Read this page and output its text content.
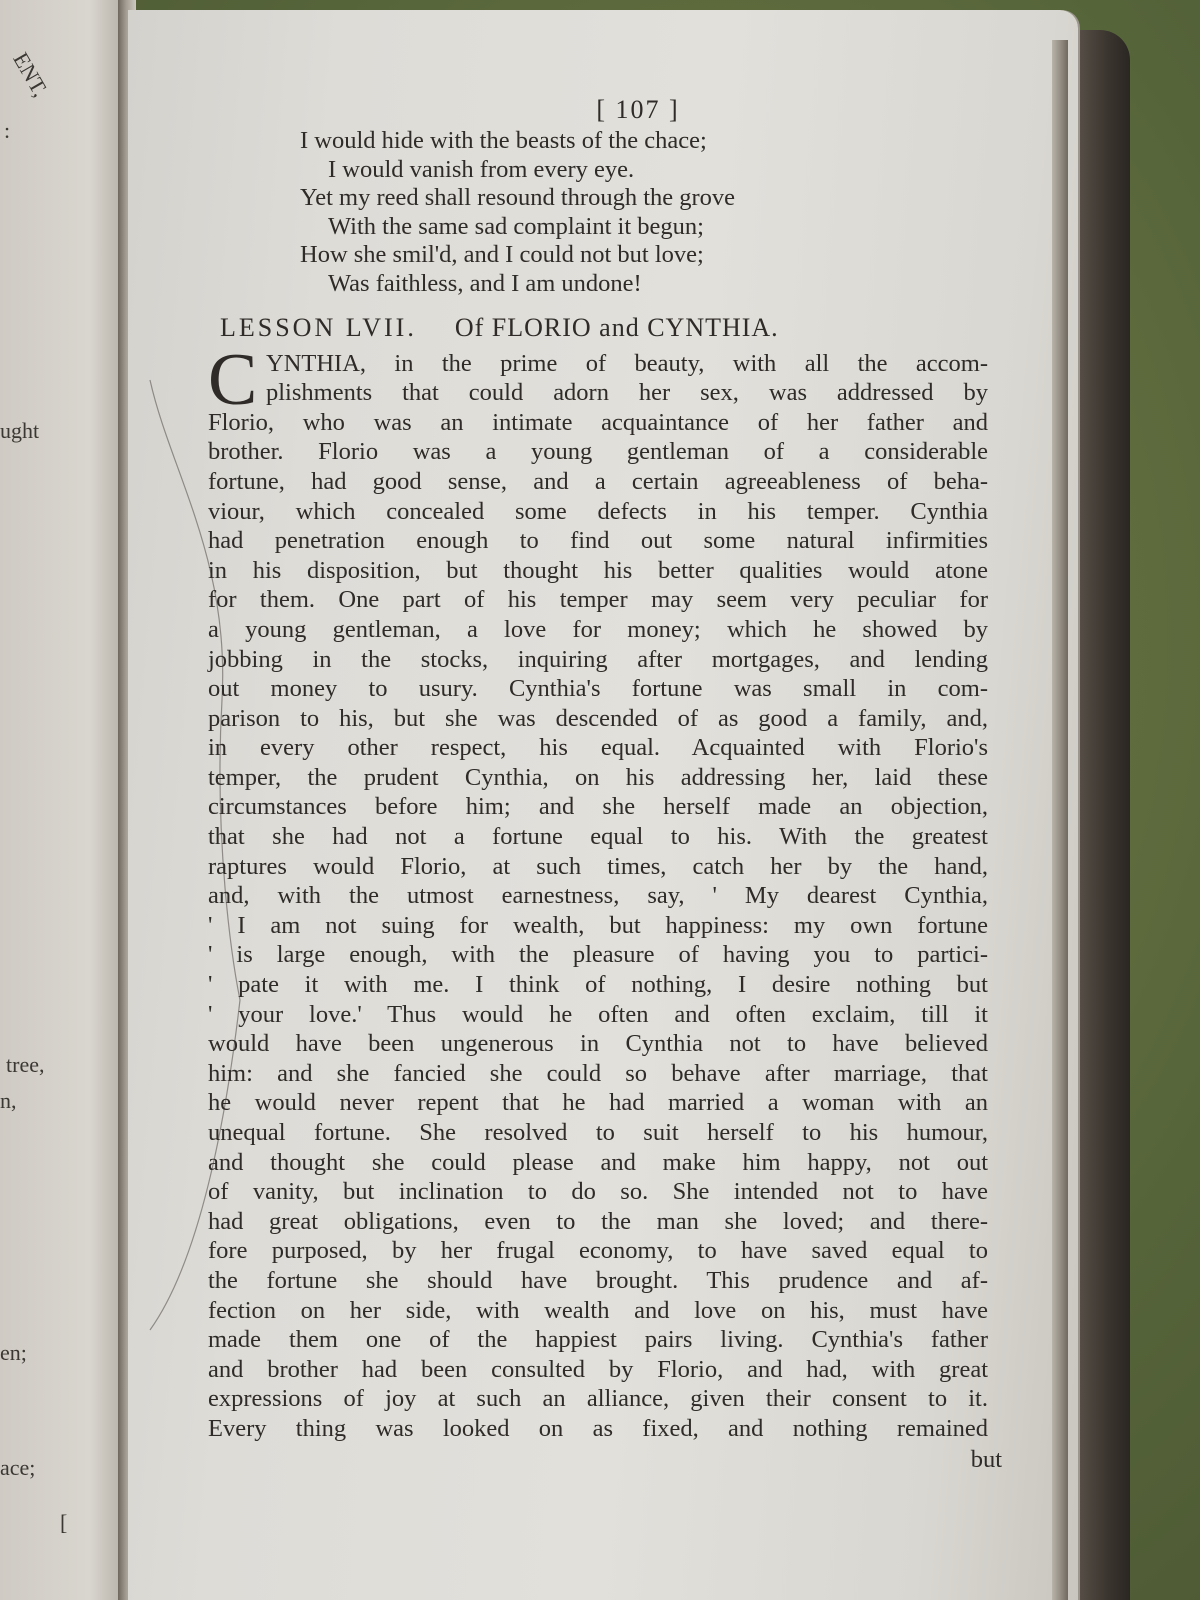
ENT,
:
ught
tree,
n,
en;
ace;
[
[ 107 ]
I would hide with the beasts of the chace;
I would vanish from every eye.
Yet my reed shall resound through the grove
With the same sad complaint it begun;
How she smil'd, and I could not but love;
Was faithless, and I am undone!
LESSON LVII. Of FLORIO and CYNTHIA.
C YNTHIA, in the prime of beauty, with all the accom-
plishments that could adorn her sex, was addressed by
Florio, who was an intimate acquaintance of her father and
brother. Florio was a young gentleman of a considerable
fortune, had good sense, and a certain agreeableness of beha-
viour, which concealed some defects in his temper. Cynthia
had penetration enough to find out some natural infirmities
in his disposition, but thought his better qualities would atone
for them. One part of his temper may seem very peculiar for
a young gentleman, a love for money; which he showed by
jobbing in the stocks, inquiring after mortgages, and lending
out money to usury. Cynthia's fortune was small in com-
parison to his, but she was descended of as good a family, and,
in every other respect, his equal. Acquainted with Florio's
temper, the prudent Cynthia, on his addressing her, laid these
circumstances before him; and she herself made an objection,
that she had not a fortune equal to his. With the greatest
raptures would Florio, at such times, catch her by the hand,
and, with the utmost earnestness, say, ' My dearest Cynthia,
' I am not suing for wealth, but happiness: my own fortune
' is large enough, with the pleasure of having you to partici-
' pate it with me. I think of nothing, I desire nothing but
' your love.' Thus would he often and often exclaim, till it
would have been ungenerous in Cynthia not to have believed
him: and she fancied she could so behave after marriage, that
he would never repent that he had married a woman with an
unequal fortune. She resolved to suit herself to his humour,
and thought she could please and make him happy, not out
of vanity, but inclination to do so. She intended not to have
had great obligations, even to the man she loved; and there-
fore purposed, by her frugal economy, to have saved equal to
the fortune she should have brought. This prudence and af-
fection on her side, with wealth and love on his, must have
made them one of the happiest pairs living. Cynthia's father
and brother had been consulted by Florio, and had, with great
expressions of joy at such an alliance, given their consent to it.
Every thing was looked on as fixed, and nothing remained
but
